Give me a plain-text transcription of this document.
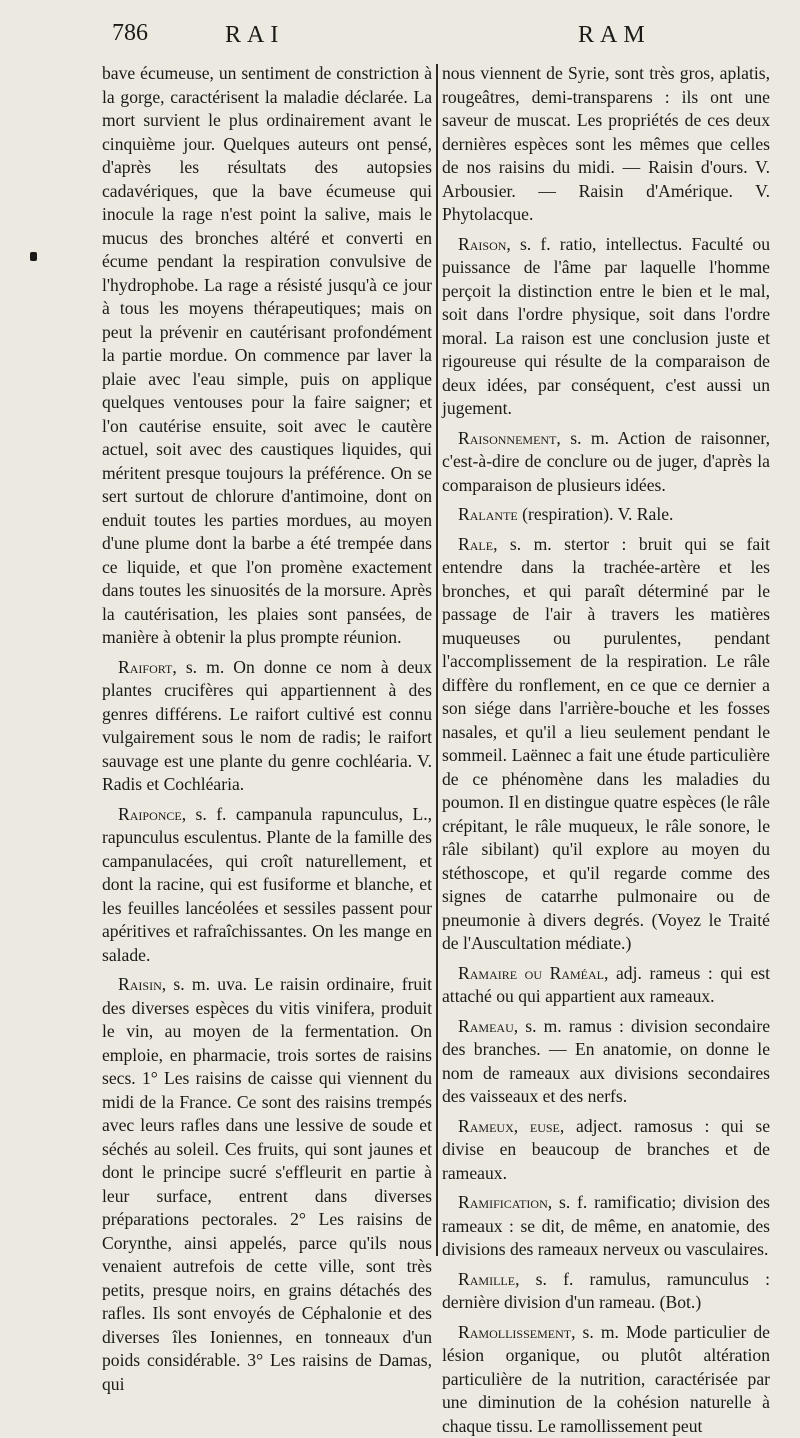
786	RAI	RAM

bave écumeuse, un sentiment de constriction à la gorge, caractérisent la maladie déclarée. La mort survient le plus ordinairement avant le cinquième jour. Quelques auteurs ont pensé, d'après les résultats des autopsies cadavériques, que la bave écumeuse qui inocule la rage n'est point la salive, mais le mucus des bronches altéré et converti en écume pendant la respiration convulsive de l'hydrophobe. La rage a résisté jusqu'à ce jour à tous les moyens thérapeutiques; mais on peut la prévenir en cautérisant profondément la partie mordue. On commence par laver la plaie avec l'eau simple, puis on applique quelques ventouses pour la faire saigner; et l'on cautérise ensuite, soit avec le cautère actuel, soit avec des caustiques liquides, qui méritent presque toujours la préférence. On se sert surtout de chlorure d'antimoine, dont on enduit toutes les parties mordues, au moyen d'une plume dont la barbe a été trempée dans ce liquide, et que l'on promène exactement dans toutes les sinuosités de la morsure. Après la cautérisation, les plaies sont pansées, de manière à obtenir la plus prompte réunion.

Raifort, s. m. On donne ce nom à deux plantes crucifères qui appartiennent à des genres différens. Le raifort cultivé est connu vulgairement sous le nom de radis; le raifort sauvage est une plante du genre cochléaria. V. Radis et Cochléaria.

Raiponce, s. f. campanula rapunculus, L., rapunculus esculentus. Plante de la famille des campanulacées, qui croît naturellement, et dont la racine, qui est fusiforme et blanche, et les feuilles lancéolées et sessiles passent pour apéritives et rafraîchissantes. On les mange en salade.

Raisin, s. m. uva. Le raisin ordinaire, fruit des diverses espèces du vitis vinifera, produit le vin, au moyen de la fermentation. On emploie, en pharmacie, trois sortes de raisins secs. 1° Les raisins de caisse qui viennent du midi de la France. Ce sont des raisins trempés avec leurs rafles dans une lessive de soude et séchés au soleil. Ces fruits, qui sont jaunes et dont le principe sucré s'effleurit en partie à leur surface, entrent dans diverses préparations pectorales. 2° Les raisins de Corynthe, ainsi appelés, parce qu'ils nous venaient autrefois de cette ville, sont très petits, presque noirs, en grains détachés des rafles. Ils sont envoyés de Céphalonie et des diverses îles Ioniennes, en tonneaux d'un poids considérable. 3° Les raisins de Damas, qui

nous viennent de Syrie, sont très gros, aplatis, rougeâtres, demi-transparens : ils ont une saveur de muscat. Les propriétés de ces deux dernières espèces sont les mêmes que celles de nos raisins du midi. — Raisin d'ours. V. Arbousier. — Raisin d'Amérique. V. Phytolacque.

Raison, s. f. ratio, intellectus. Faculté ou puissance de l'âme par laquelle l'homme perçoit la distinction entre le bien et le mal, soit dans l'ordre physique, soit dans l'ordre moral. La raison est une conclusion juste et rigoureuse qui résulte de la comparaison de deux idées, par conséquent, c'est aussi un jugement.

Raisonnement, s. m. Action de raisonner, c'est-à-dire de conclure ou de juger, d'après la comparaison de plusieurs idées.

Ralante (respiration). V. Rale.

Rale, s. m. stertor : bruit qui se fait entendre dans la trachée-artère et les bronches, et qui paraît déterminé par le passage de l'air à travers les matières muqueuses ou purulentes, pendant l'accomplissement de la respiration. Le râle diffère du ronflement, en ce que ce dernier a son siége dans l'arrière-bouche et les fosses nasales, et qu'il a lieu seulement pendant le sommeil. Laënnec a fait une étude particulière de ce phénomène dans les maladies du poumon. Il en distingue quatre espèces (le râle crépitant, le râle muqueux, le râle sonore, le râle sibilant) qu'il explore au moyen du stéthoscope, et qu'il regarde comme des signes de catarrhe pulmonaire ou de pneumonie à divers degrés. (Voyez le Traité de l'Auscultation médiate.)

Ramaire ou Raméal, adj. rameus : qui est attaché ou qui appartient aux rameaux.

Rameau, s. m. ramus : division secondaire des branches. — En anatomie, on donne le nom de rameaux aux divisions secondaires des vaisseaux et des nerfs.

Rameux, euse, adject. ramosus : qui se divise en beaucoup de branches et de rameaux.

Ramification, s. f. ramificatio; division des rameaux : se dit, de même, en anatomie, des divisions des rameaux nerveux ou vasculaires.

Ramille, s. f. ramulus, ramunculus : dernière division d'un rameau. (Bot.)

Ramollissement, s. m. Mode particulier de lésion organique, ou plutôt altération particulière de la nutrition, caractérisée par une diminution de la cohésion naturelle à chaque tissu. Le ramollissement peut
